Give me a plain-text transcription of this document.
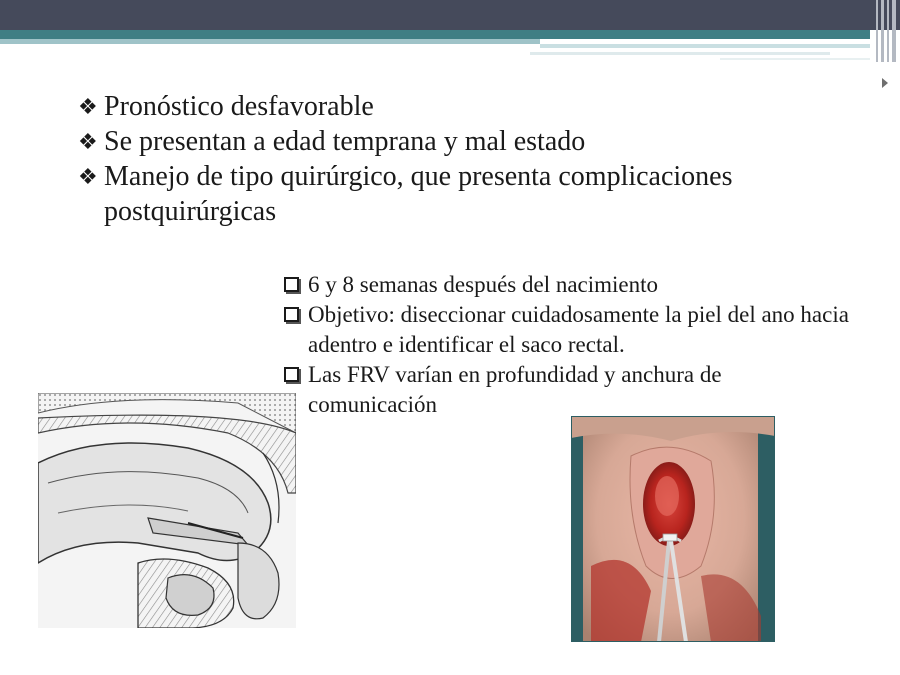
❖ Pronóstico desfavorable
❖ Se presentan a edad temprana y mal estado
❖ Manejo de tipo quirúrgico, que presenta complicaciones postquirúrgicas
6 y 8 semanas después del nacimiento
Objetivo: diseccionar cuidadosamente la piel del ano hacia adentro e identificar el saco rectal.
Las FRV varían en profundidad y anchura de comunicación
